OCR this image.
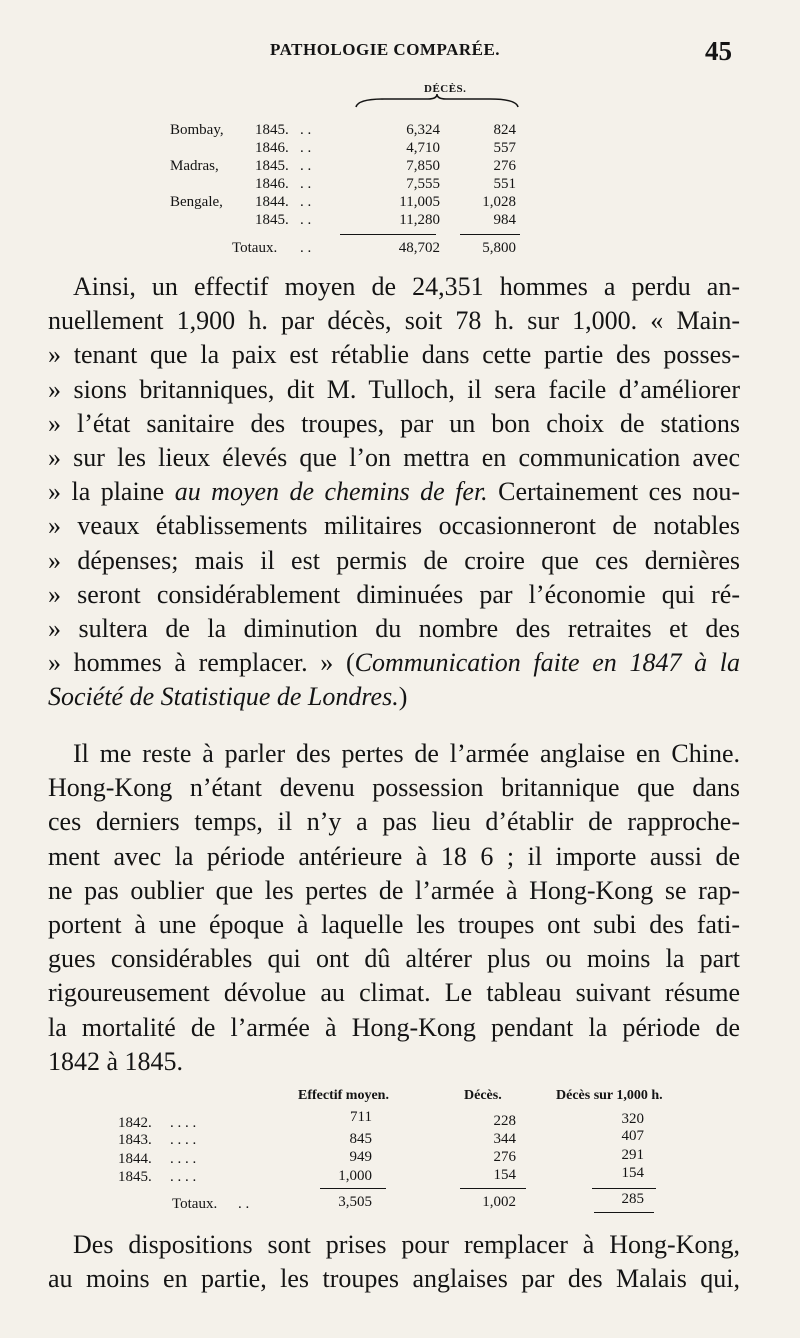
PATHOLOGIE COMPARÉE.	45
DÉCÈS.
Bombay, 1845. . .	6,324	824
1846. . .	4,710	557
Madras, 1845. . .	7,850	276
1846. . .	7,555	551
Bengale, 1844. . .	11,005	1,028
1845. . .	11,280	984
Totaux. . .	48,702	5,800
Ainsi, un effectif moyen de 24,351 hommes a perdu an-
nuellement 1,900 h. par décès, soit 78 h. sur 1,000. « Main-
» tenant que la paix est rétablie dans cette partie des posses-
» sions britanniques, dit M. Tulloch, il sera facile d’améliorer
» l’état sanitaire des troupes, par un bon choix de stations
» sur les lieux élevés que l’on mettra en communication avec
» la plaine au moyen de chemins de fer. Certainement ces nou-
» veaux établissements militaires occasionneront de notables
» dépenses; mais il est permis de croire que ces dernières
» seront considérablement diminuées par l’économie qui ré-
» sultera de la diminution du nombre des retraites et des
» hommes à remplacer. » (Communication faite en 1847 à la
Société de Statistique de Londres.)
Il me reste à parler des pertes de l’armée anglaise en Chine.
Hong-Kong n’étant devenu possession britannique que dans
ces derniers temps, il n’y a pas lieu d’établir de rapproche-
ment avec la période antérieure à 18 6 ; il importe aussi de
ne pas oublier que les pertes de l’armée à Hong-Kong se rap-
portent à une époque à laquelle les troupes ont subi des fati-
gues considérables qui ont dû altérer plus ou moins la part
rigoureusement dévolue au climat. Le tableau suivant résume
la mortalité de l’armée à Hong-Kong pendant la période de
1842 à 1845.
Effectif moyen.	Décès.	Décès sur 1,000 h.
1842. . . . .	711	228	320
1843. . . . .	845	344	407
1844. . . . .	949	276	291
1845. . . . .	1,000	154	154
Totaux. . .	3,505	1,002	285
Des dispositions sont prises pour remplacer à Hong-Kong,
au moins en partie, les troupes anglaises par des Malais qui,
